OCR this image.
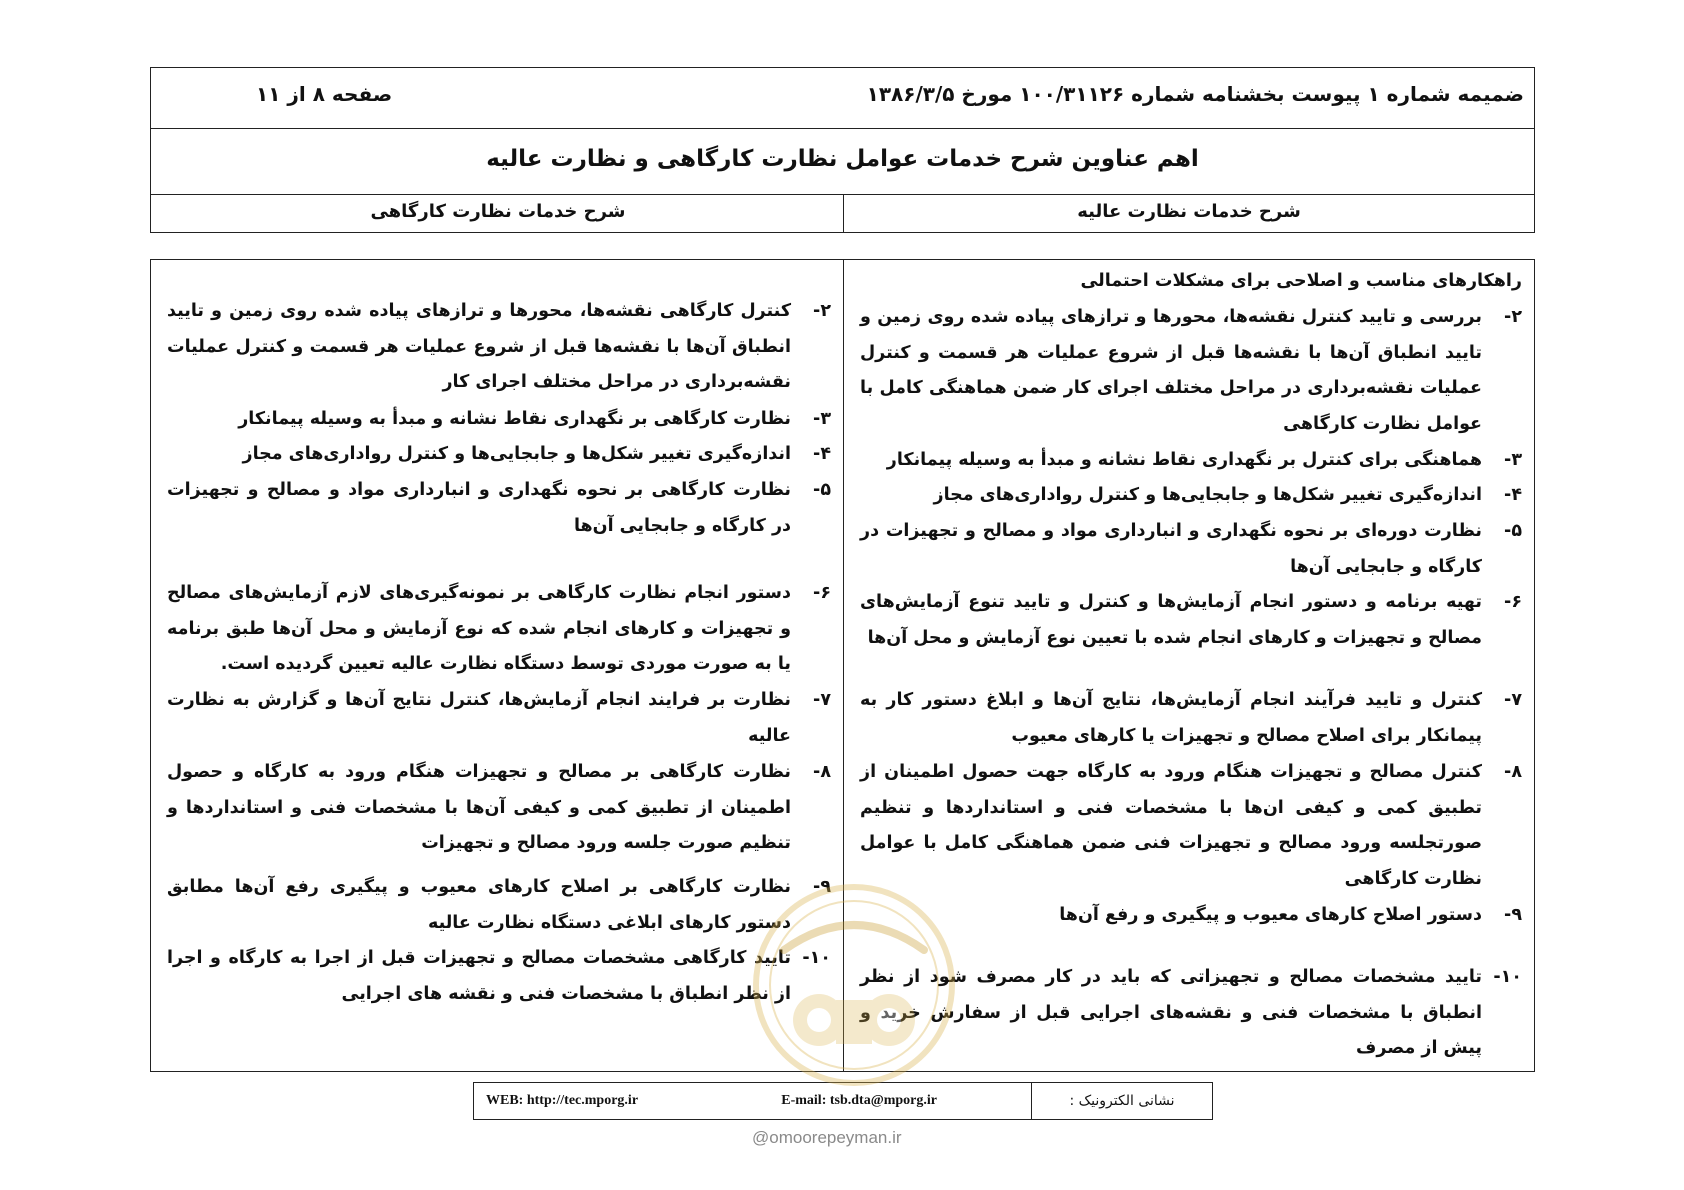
ضمیمه شماره ۱ پیوست بخشنامه شماره ۱۰۰/۳۱۱۲۶ مورخ ۱۳۸۶/۳/۵
صفحه ۸ از ۱۱
اهم عناوین شرح خدمات عوامل نظارت کارگاهی و نظارت عالیه
شرح خدمات نظارت عالیه
شرح خدمات نظارت کارگاهی
راهکارهای مناسب و اصلاحی برای مشکلات احتمالی
۲-
بررسی و تایید کنترل نقشه‌ها، محورها و ترازهای پیاده شده روی زمین و تایید انطباق آن‌ها با نقشه‌ها قبل از شروع عملیات هر قسمت و کنترل عملیات نقشه‌برداری در مراحل مختلف اجرای کار ضمن هماهنگی کامل با عوامل نظارت کارگاهی
۳-
هماهنگی برای کنترل بر نگهداری نقاط نشانه و مبدأ به وسیله پیمانکار
۴-
اندازه‌گیری تغییر شکل‌ها و جابجایی‌ها و کنترل رواداری‌های مجاز
۵-
نظارت دوره‌ای بر نحوه نگهداری و انبارداری مواد و مصالح و تجهیزات در کارگاه و جابجایی آن‌ها
۶-
تهیه برنامه و دستور انجام آزمایش‌ها و کنترل و تایید تنوع آزمایش‌های مصالح و تجهیزات و کارهای انجام شده با تعیین نوع آزمایش و محل آن‌ها
۷-
کنترل و تایید فرآیند انجام آزمایش‌ها، نتایج آن‌ها و ابلاغ دستور کار به پیمانکار برای اصلاح مصالح و تجهیزات یا کارهای معیوب
۸-
کنترل مصالح و تجهیزات هنگام ورود به کارگاه جهت حصول اطمینان از تطبیق کمی و کیفی ان‌ها با مشخصات فنی و استانداردها و تنظیم صورتجلسه ورود مصالح و تجهیزات فنی ضمن هماهنگی کامل با عوامل نظارت کارگاهی
۹-
دستور اصلاح کارهای معیوب و پیگیری و رفع آن‌ها
۱۰-
تایید مشخصات مصالح و تجهیزاتی که باید در کار مصرف شود از نظر انطباق با مشخصات فنی و نقشه‌های اجرایی قبل از سفارش خرید و پیش از مصرف
۲-
کنترل کارگاهی نقشه‌ها، محورها و ترازهای پیاده شده روی زمین و تایید انطباق آن‌ها با نقشه‌ها قبل از شروع عملیات هر قسمت و کنترل عملیات نقشه‌برداری در مراحل مختلف اجرای کار
۳-
نظارت کارگاهی بر نگهداری نقاط نشانه و مبدأ به وسیله پیمانکار
۴-
اندازه‌گیری تغییر شکل‌ها و جابجایی‌ها و کنترل رواداری‌های مجاز
۵-
نظارت کارگاهی بر نحوه نگهداری و انبارداری مواد و مصالح و تجهیزات در کارگاه و جابجایی آن‌ها
۶-
دستور انجام نظارت کارگاهی بر نمونه‌گیری‌های لازم آزمایش‌های مصالح و تجهیزات و کارهای انجام شده که نوع آزمایش و محل آن‌ها طبق برنامه یا به صورت موردی توسط دستگاه نظارت عالیه تعیین گردیده است.
۷-
نظارت بر فرایند انجام آزمایش‌ها، کنترل نتایج آن‌ها و گزارش به نظارت عالیه
۸-
نظارت کارگاهی بر مصالح و تجهیزات هنگام ورود به کارگاه و حصول اطمینان از تطبیق کمی و کیفی آن‌ها با مشخصات فنی و استانداردها و تنظیم صورت جلسه ورود مصالح و تجهیزات
۹-
نظارت کارگاهی بر اصلاح کارهای معیوب و پیگیری رفع آن‌ها مطابق دستور کارهای ابلاغی دستگاه نظارت عالیه
۱۰-
تایید کارگاهی مشخصات مصالح و تجهیزات قبل از اجرا به کارگاه و اجرا از نظر انطباق با مشخصات فنی و نقشه های اجرایی
نشانی الکترونیک :
E-mail: tsb.dta@mporg.ir
WEB: http://tec.mporg.ir
@omoorepeyman.ir
